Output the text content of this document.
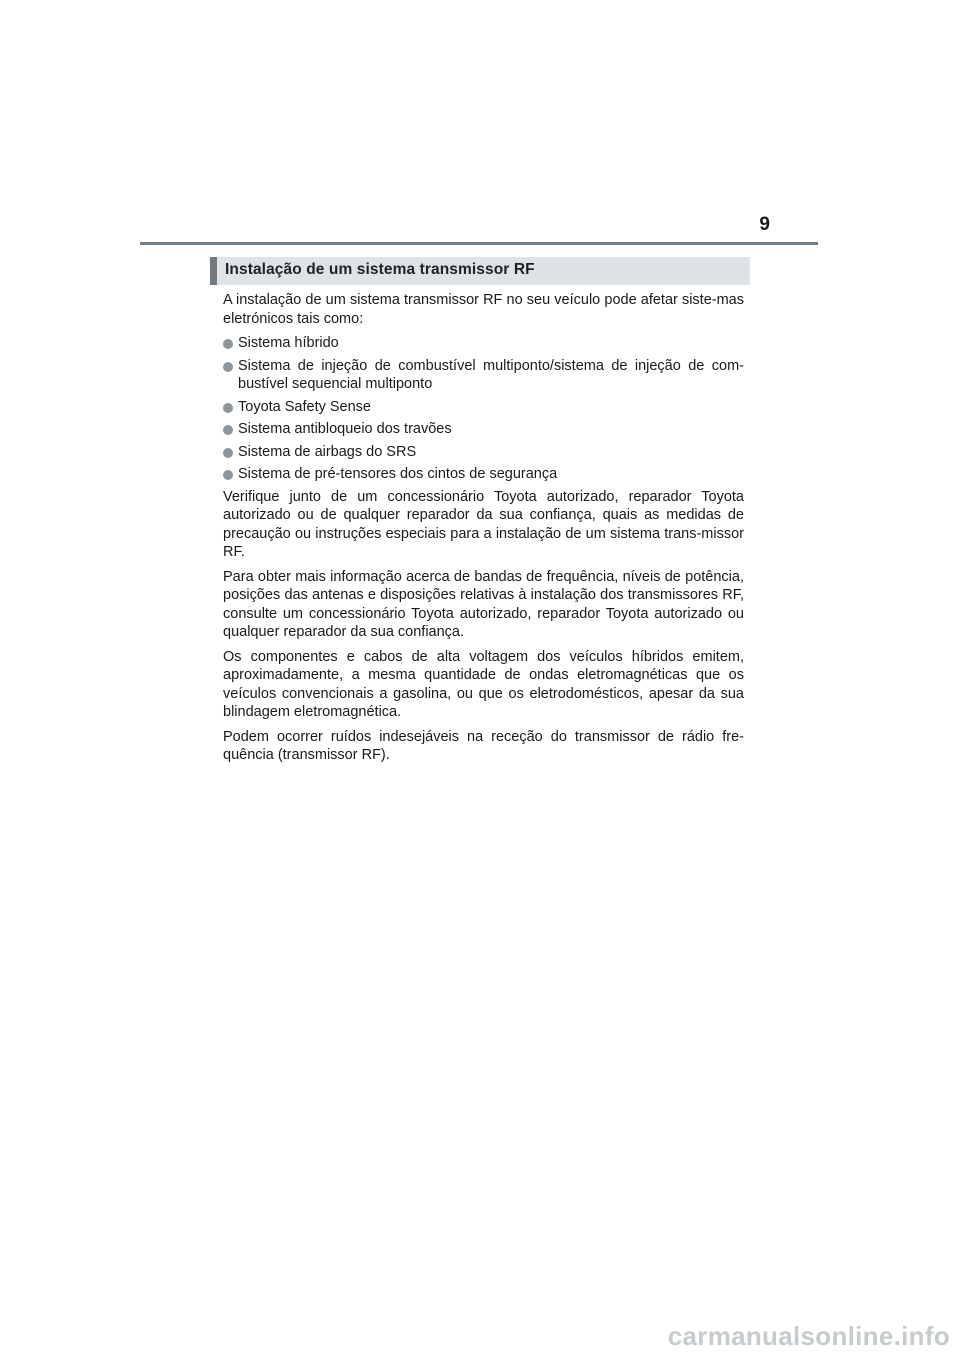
9
Instalação de um sistema transmissor RF

A instalação de um sistema transmissor RF no seu veículo pode afetar siste-mas eletrónicos tais como:

Sistema híbrido
Sistema de injeção de combustível multiponto/sistema de injeção de com-bustível sequencial multiponto
Toyota Safety Sense
Sistema antibloqueio dos travões
Sistema de airbags do SRS
Sistema de pré-tensores dos cintos de segurança

Verifique junto de um concessionário Toyota autorizado, reparador Toyota autorizado ou de qualquer reparador da sua confiança, quais as medidas de precaução ou instruções especiais para a instalação de um sistema trans-missor RF.

Para obter mais informação acerca de bandas de frequência, níveis de potência, posições das antenas e disposições relativas à instalação dos transmissores RF, consulte um concessionário Toyota autorizado, reparador Toyota autorizado ou qualquer reparador da sua confiança.

Os componentes e cabos de alta voltagem dos veículos híbridos emitem, aproximadamente, a mesma quantidade de ondas eletromagnéticas que os veículos convencionais a gasolina, ou que os eletrodomésticos, apesar da sua blindagem eletromagnética.

Podem ocorrer ruídos indesejáveis na receção do transmissor de rádio fre-quência (transmissor RF).

carmanualsonline.info
